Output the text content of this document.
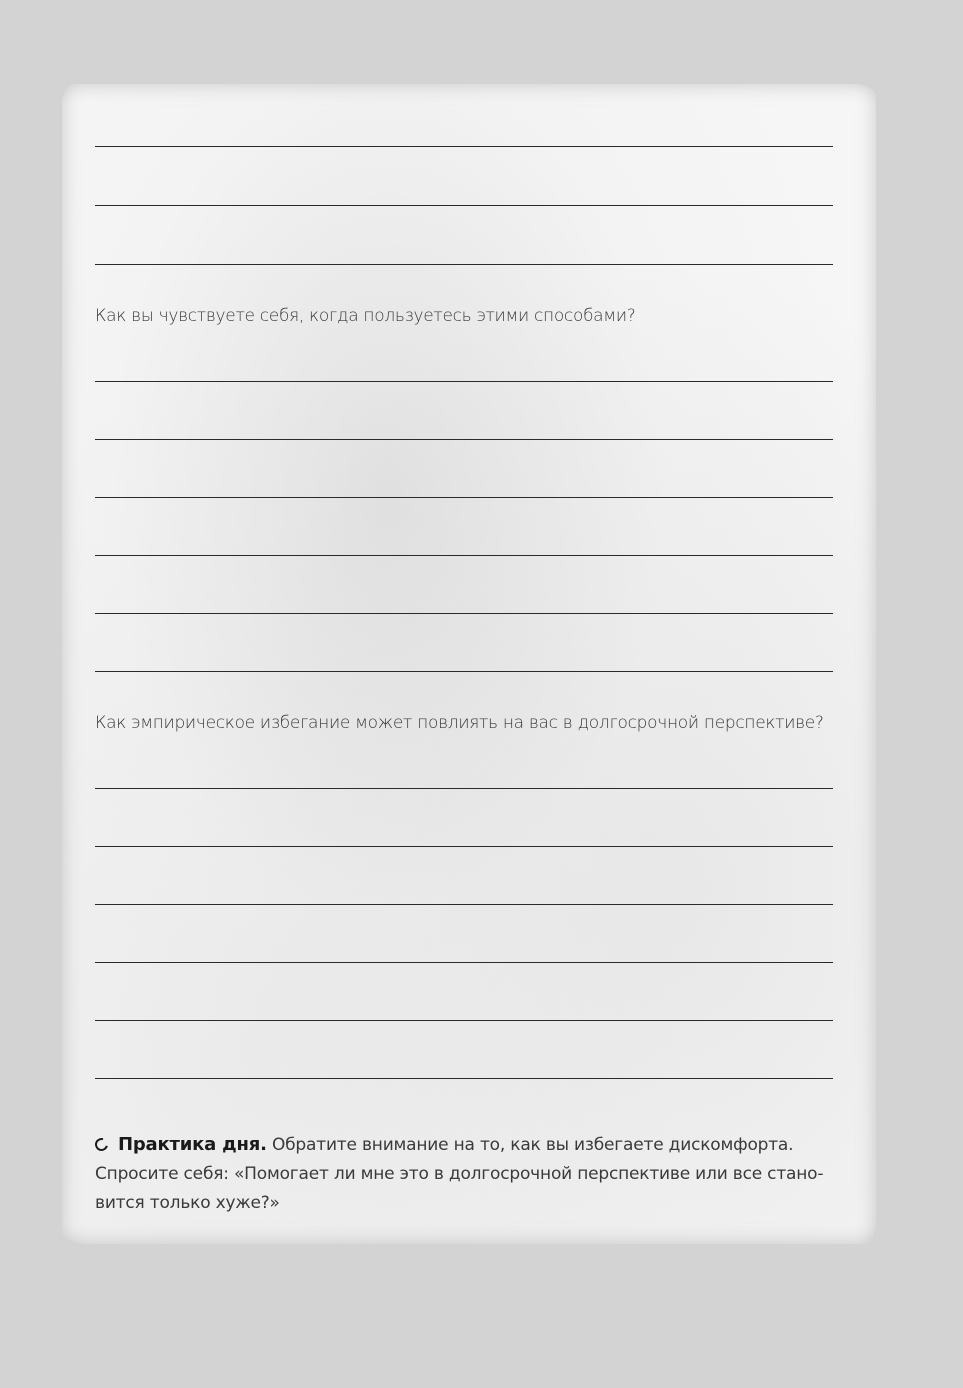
Как вы чувствуете себя, когда пользуетесь этими способами?
Как эмпирическое избегание может повлиять на вас в долгосрочной перспективе?
Практика дня. Обратите внимание на то, как вы избегаете дискомфорта.
Спросите себя: «Помогает ли мне это в долгосрочной перспективе или все стано-
вится только хуже?»
